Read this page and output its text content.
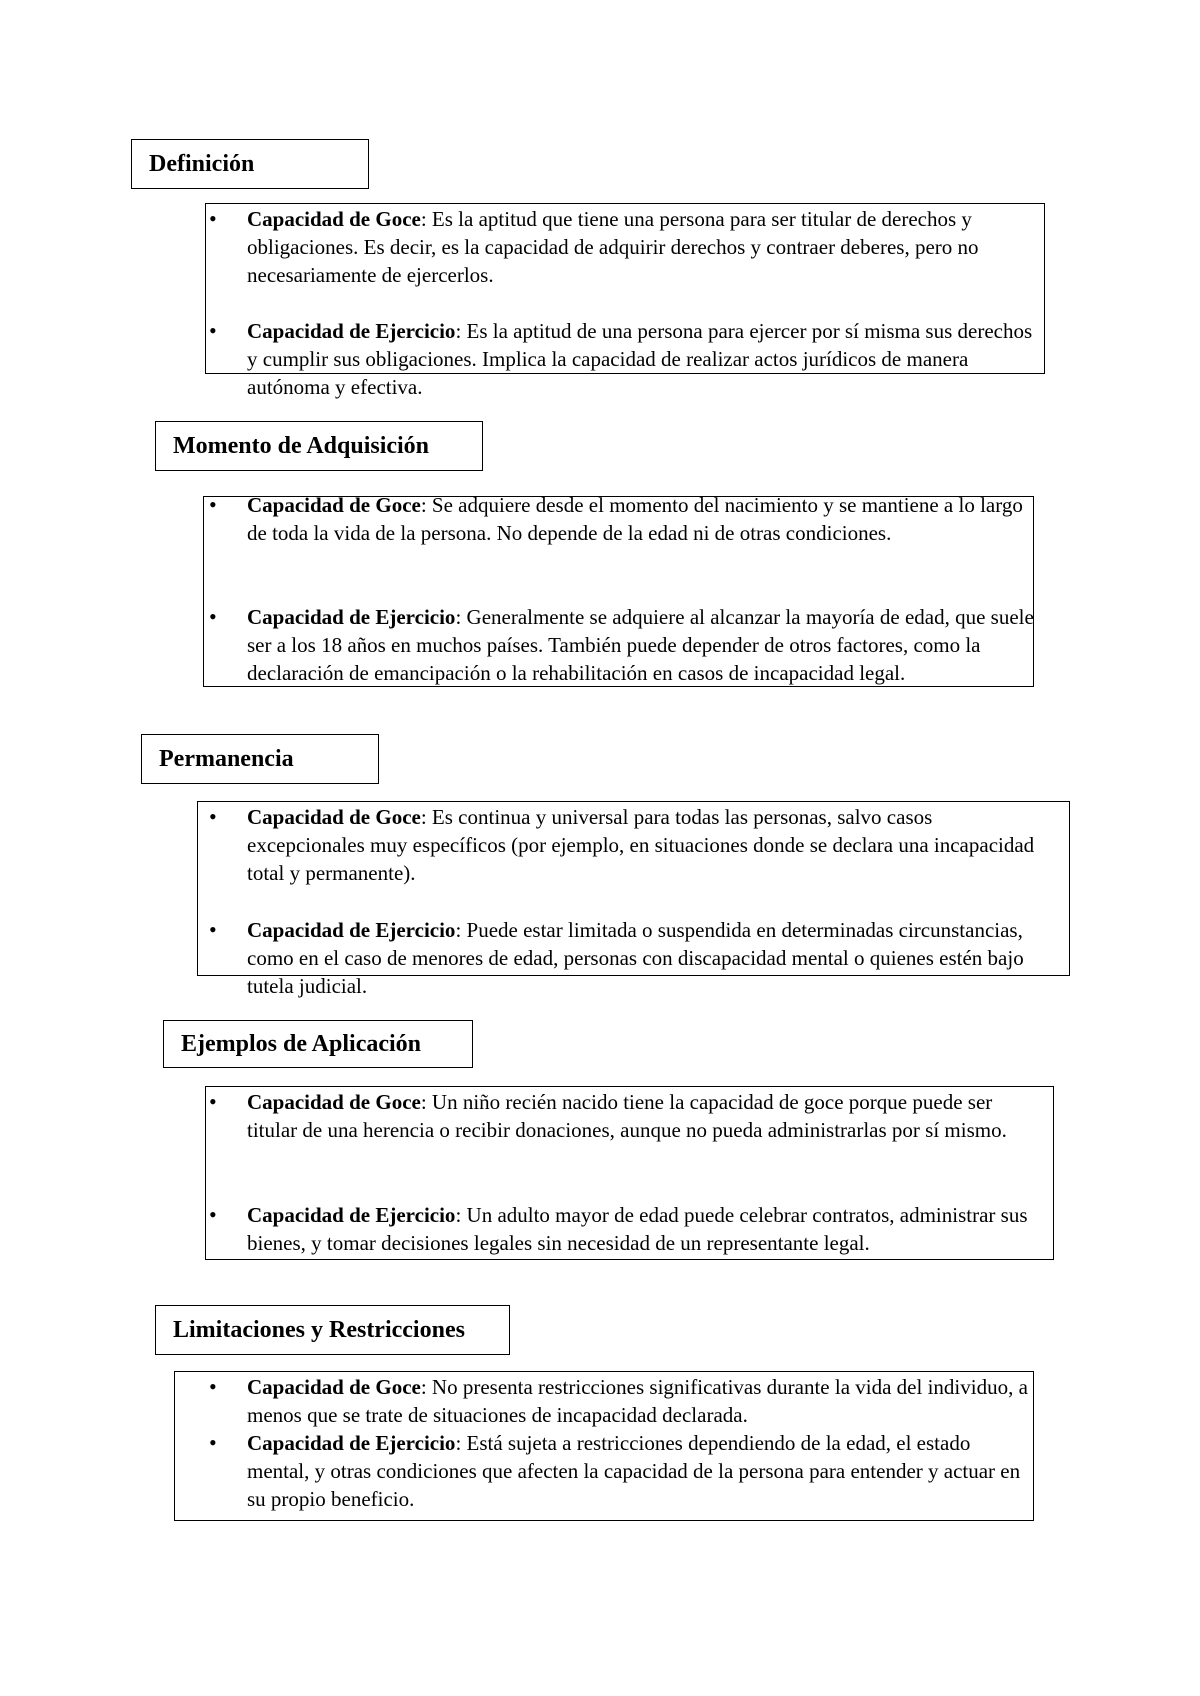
Definición
• Capacidad de Goce: Es la aptitud que tiene una persona para ser titular de derechos y obligaciones. Es decir, es la capacidad de adquirir derechos y contraer deberes, pero no necesariamente de ejercerlos.
• Capacidad de Ejercicio: Es la aptitud de una persona para ejercer por sí misma sus derechos y cumplir sus obligaciones. Implica la capacidad de realizar actos jurídicos de manera autónoma y efectiva.
Momento de Adquisición
• Capacidad de Goce: Se adquiere desde el momento del nacimiento y se mantiene a lo largo de toda la vida de la persona. No depende de la edad ni de otras condiciones.
• Capacidad de Ejercicio: Generalmente se adquiere al alcanzar la mayoría de edad, que suele ser a los 18 años en muchos países. También puede depender de otros factores, como la declaración de emancipación o la rehabilitación en casos de incapacidad legal.
Permanencia
• Capacidad de Goce: Es continua y universal para todas las personas, salvo casos excepcionales muy específicos (por ejemplo, en situaciones donde se declara una incapacidad total y permanente).
• Capacidad de Ejercicio: Puede estar limitada o suspendida en determinadas circunstancias, como en el caso de menores de edad, personas con discapacidad mental o quienes estén bajo tutela judicial.
Ejemplos de Aplicación
• Capacidad de Goce: Un niño recién nacido tiene la capacidad de goce porque puede ser titular de una herencia o recibir donaciones, aunque no pueda administrarlas por sí mismo.
• Capacidad de Ejercicio: Un adulto mayor de edad puede celebrar contratos, administrar sus bienes, y tomar decisiones legales sin necesidad de un representante legal.
Limitaciones y Restricciones
• Capacidad de Goce: No presenta restricciones significativas durante la vida del individuo, a menos que se trate de situaciones de incapacidad declarada.
• Capacidad de Ejercicio: Está sujeta a restricciones dependiendo de la edad, el estado mental, y otras condiciones que afecten la capacidad de la persona para entender y actuar en su propio beneficio.
